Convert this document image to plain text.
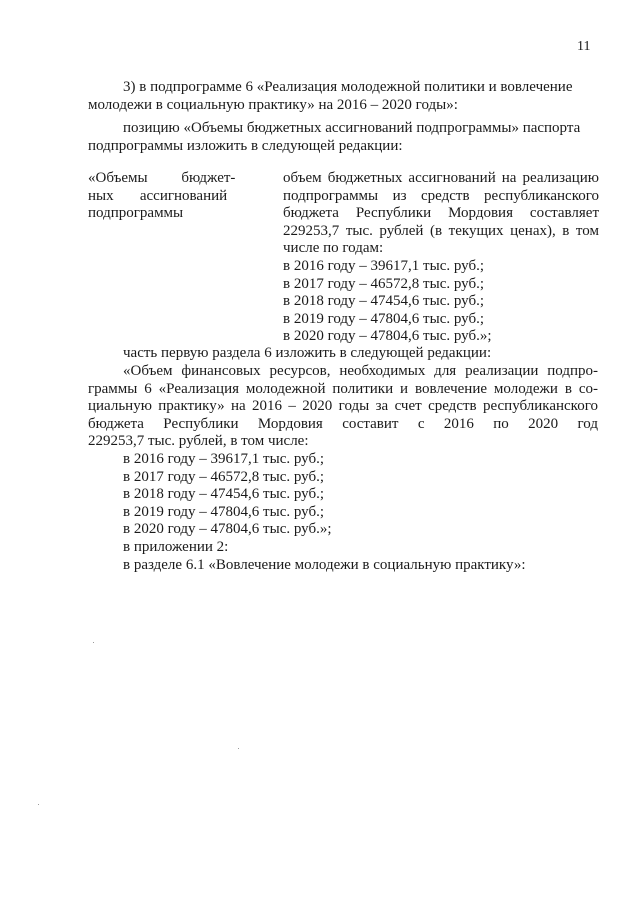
11
3) в подпрограмме 6 «Реализация молодежной политики и вовлечение
молодежи в социальную практику» на 2016 – 2020 годы»:
позицию «Объемы бюджетных ассигнований подпрограммы» паспорта
подпрограммы изложить в следующей редакции:
«Объемы         бюджет-
ных       ассигнований
подпрограммы
объем бюджетных ассигнований на реализацию
подпрограммы из средств республиканского
бюджета Республики Мордовия составляет
229253,7 тыс. рублей (в текущих ценах), в том
числе по годам:
в 2016 году – 39617,1 тыс. руб.;
в 2017 году – 46572,8 тыс. руб.;
в 2018 году – 47454,6 тыс. руб.;
в 2019 году – 47804,6 тыс. руб.;
в 2020 году – 47804,6 тыс. руб.»;
часть первую раздела 6 изложить в следующей редакции:
«Объем финансовых ресурсов, необходимых для реализации подпро-
граммы 6 «Реализация молодежной политики и вовлечение молодежи в со-
циальную практику» на 2016 – 2020 годы за счет средств республиканского
бюджета Республики Мордовия составит с 2016 по 2020 год
229253,7 тыс. рублей, в том числе:
в 2016 году – 39617,1 тыс. руб.;
в 2017 году – 46572,8 тыс. руб.;
в 2018 году – 47454,6 тыс. руб.;
в 2019 году – 47804,6 тыс. руб.;
в 2020 году – 47804,6 тыс. руб.»;
в приложении 2:
в разделе 6.1 «Вовлечение молодежи в социальную практику»:
